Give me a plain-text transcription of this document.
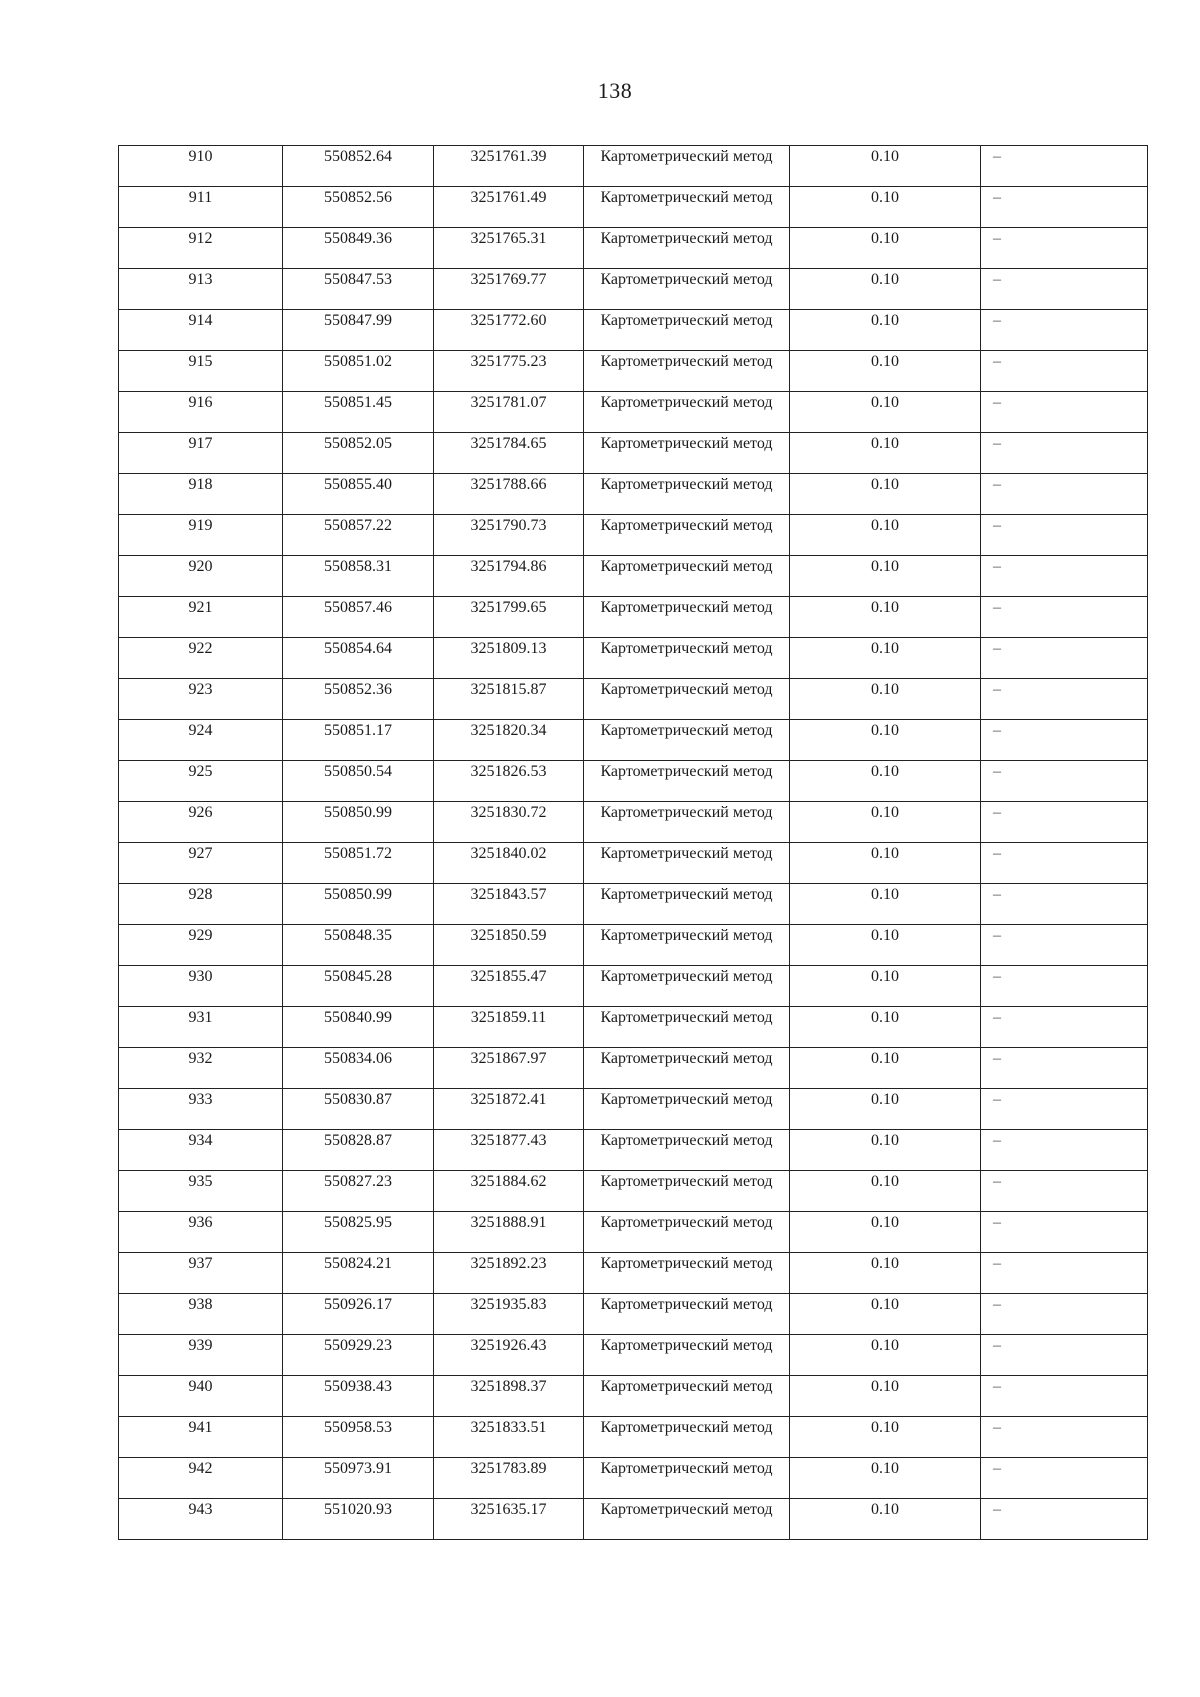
138
910	550852.64	3251761.39	Картометрический метод	0.10	–
911	550852.56	3251761.49	Картометрический метод	0.10	–
912	550849.36	3251765.31	Картометрический метод	0.10	–
913	550847.53	3251769.77	Картометрический метод	0.10	–
914	550847.99	3251772.60	Картометрический метод	0.10	–
915	550851.02	3251775.23	Картометрический метод	0.10	–
916	550851.45	3251781.07	Картометрический метод	0.10	–
917	550852.05	3251784.65	Картометрический метод	0.10	–
918	550855.40	3251788.66	Картометрический метод	0.10	–
919	550857.22	3251790.73	Картометрический метод	0.10	–
920	550858.31	3251794.86	Картометрический метод	0.10	–
921	550857.46	3251799.65	Картометрический метод	0.10	–
922	550854.64	3251809.13	Картометрический метод	0.10	–
923	550852.36	3251815.87	Картометрический метод	0.10	–
924	550851.17	3251820.34	Картометрический метод	0.10	–
925	550850.54	3251826.53	Картометрический метод	0.10	–
926	550850.99	3251830.72	Картометрический метод	0.10	–
927	550851.72	3251840.02	Картометрический метод	0.10	–
928	550850.99	3251843.57	Картометрический метод	0.10	–
929	550848.35	3251850.59	Картометрический метод	0.10	–
930	550845.28	3251855.47	Картометрический метод	0.10	–
931	550840.99	3251859.11	Картометрический метод	0.10	–
932	550834.06	3251867.97	Картометрический метод	0.10	–
933	550830.87	3251872.41	Картометрический метод	0.10	–
934	550828.87	3251877.43	Картометрический метод	0.10	–
935	550827.23	3251884.62	Картометрический метод	0.10	–
936	550825.95	3251888.91	Картометрический метод	0.10	–
937	550824.21	3251892.23	Картометрический метод	0.10	–
938	550926.17	3251935.83	Картометрический метод	0.10	–
939	550929.23	3251926.43	Картометрический метод	0.10	–
940	550938.43	3251898.37	Картометрический метод	0.10	–
941	550958.53	3251833.51	Картометрический метод	0.10	–
942	550973.91	3251783.89	Картометрический метод	0.10	–
943	551020.93	3251635.17	Картометрический метод	0.10	–
